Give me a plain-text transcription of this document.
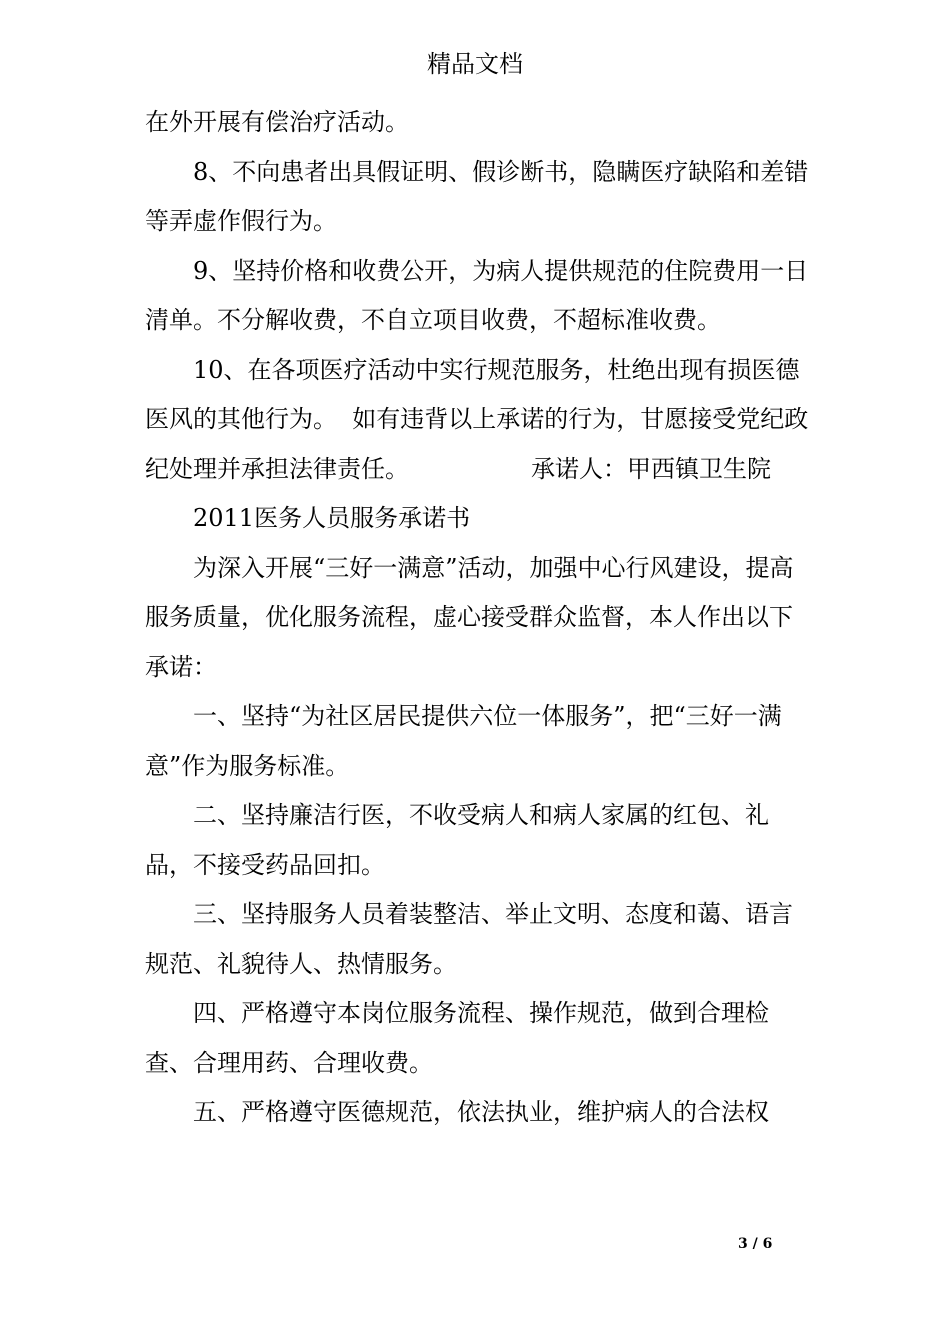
精品文档

在外开展有偿治疗活动。

8、不向患者出具假证明、假诊断书，隐瞒医疗缺陷和差错等弄虚作假行为。

9、坚持价格和收费公开，为病人提供规范的住院费用一日清单。不分解收费，不自立项目收费，不超标准收费。

10、在各项医疗活动中实行规范服务，杜绝出现有损医德医风的其他行为。  如有违背以上承诺的行为，甘愿接受党纪政纪处理并承担法律责任。                承诺人：甲西镇卫生院

2011医务人员服务承诺书

为深入开展“三好一满意”活动，加强中心行风建设，提高服务质量，优化服务流程，虚心接受群众监督，本人作出以下承诺：

一、坚持“为社区居民提供六位一体服务”，把“三好一满意”作为服务标准。

二、坚持廉洁行医，不收受病人和病人家属的红包、礼品，不接受药品回扣。

三、坚持服务人员着装整洁、举止文明、态度和蔼、语言规范、礼貌待人、热情服务。

四、严格遵守本岗位服务流程、操作规范，做到合理检查、合理用药、合理收费。

五、严格遵守医德规范，依法执业，维护病人的合法权

3 / 6
